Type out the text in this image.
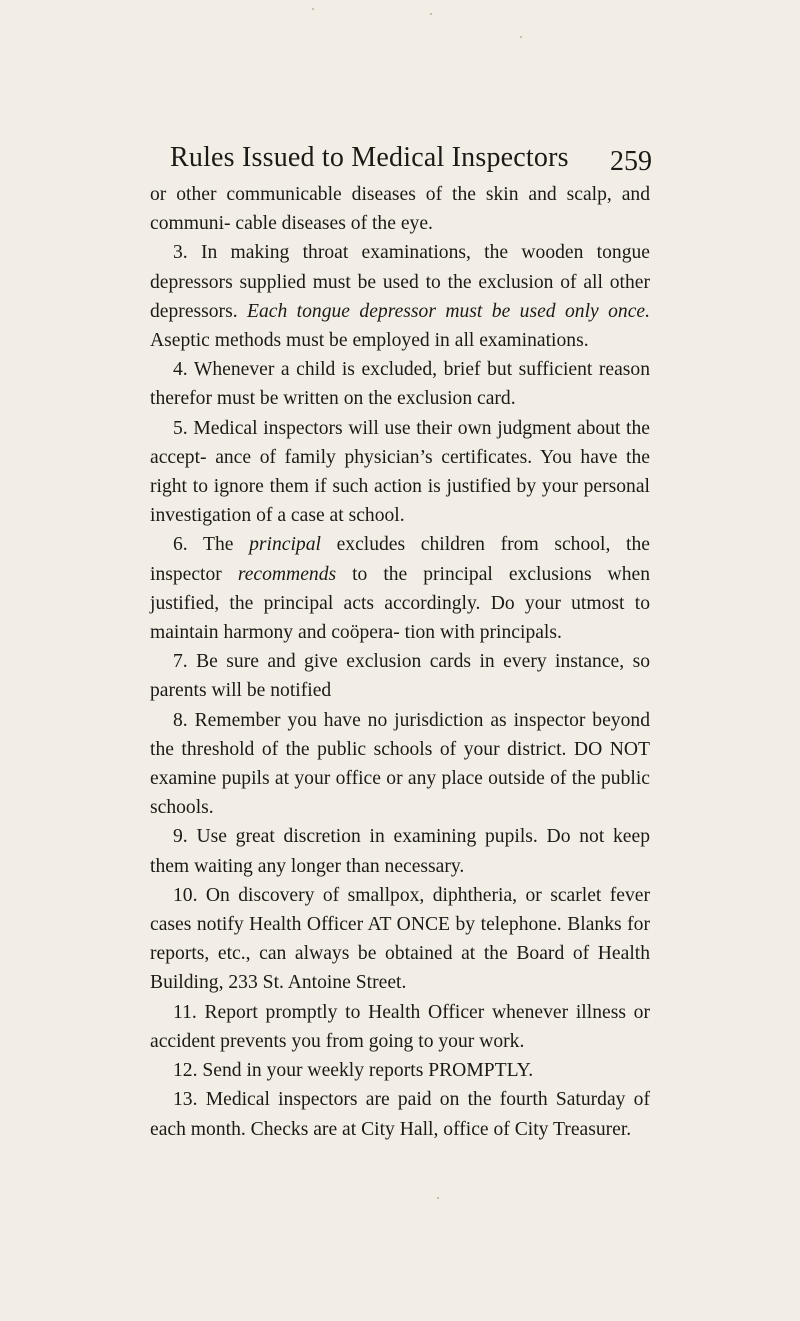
Rules Issued to Medical Inspectors	259

or other communicable diseases of the skin and scalp, and communi- cable diseases of the eye.

3. In making throat examinations, the wooden tongue depressors supplied must be used to the exclusion of all other depressors. Each tongue depressor must be used only once. Aseptic methods must be employed in all examinations.

4. Whenever a child is excluded, brief but sufficient reason therefor must be written on the exclusion card.

5. Medical inspectors will use their own judgment about the accept- ance of family physician’s certificates. You have the right to ignore them if such action is justified by your personal investigation of a case at school.

6. The principal excludes children from school, the inspector recommends to the principal exclusions when justified, the principal acts accordingly. Do your utmost to maintain harmony and coöpera- tion with principals.

7. Be sure and give exclusion cards in every instance, so parents will be notified

8. Remember you have no jurisdiction as inspector beyond the threshold of the public schools of your district. DO NOT examine pupils at your office or any place outside of the public schools.

9. Use great discretion in examining pupils. Do not keep them waiting any longer than necessary.

10. On discovery of smallpox, diphtheria, or scarlet fever cases notify Health Officer AT ONCE by telephone. Blanks for reports, etc., can always be obtained at the Board of Health Building, 233 St. Antoine Street.

11. Report promptly to Health Officer whenever illness or accident prevents you from going to your work.

12. Send in your weekly reports PROMPTLY.

13. Medical inspectors are paid on the fourth Saturday of each month. Checks are at City Hall, office of City Treasurer.
